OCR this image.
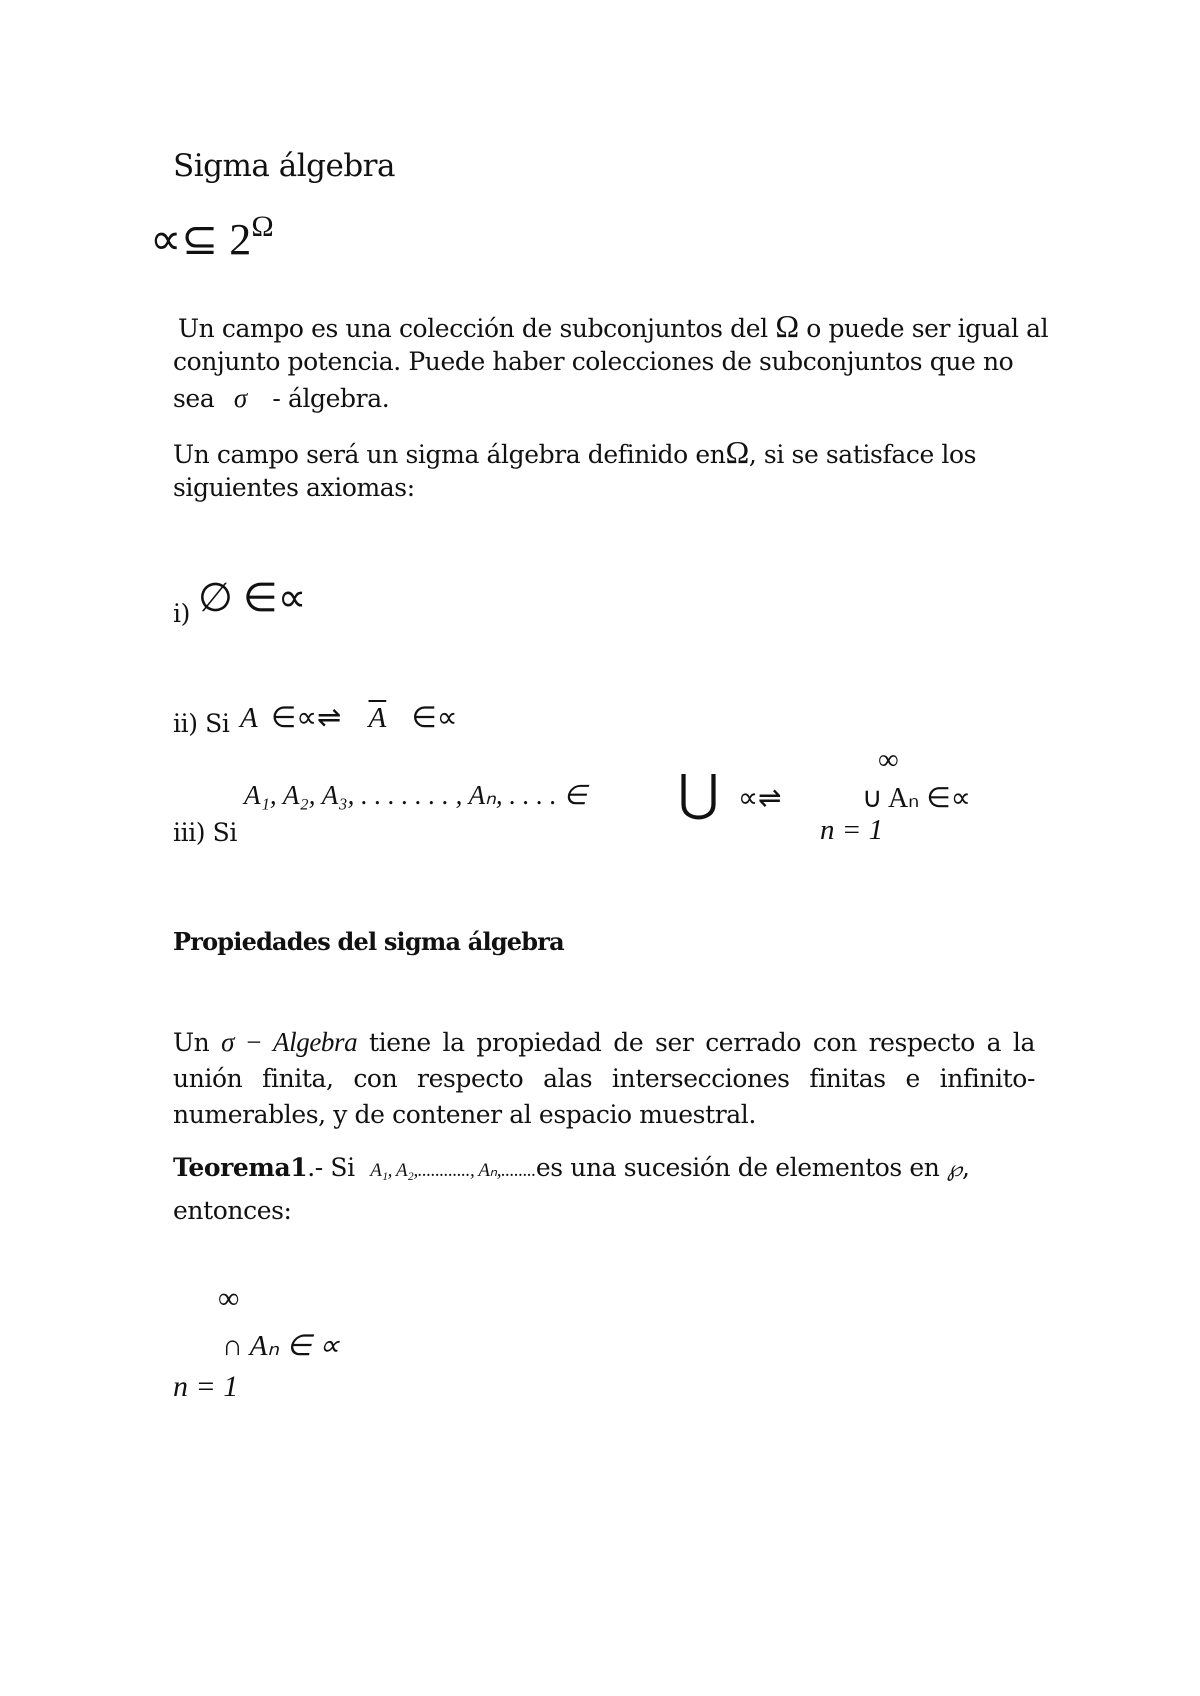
Sigma álgebra
∝⊆ $2^\Omega$
Un campo es una colección de subconjuntos del Ω o puede ser igual al
conjunto potencia. Puede haber colecciones de subconjuntos que no
sea σ - álgebra.
Un campo será un sigma álgebra definido enΩ, si se satisface los
siguientes axiomas:
i) ∅ ∈∝
ii) Si A ∈∝⇌ $\overline{A}$ ∈∝
∞
A₁, A₂, A₃, . . . . . . . , Aₙ, . . . . ∈ ⋃ ∝⇌	∪ Aₙ ∈∝
iii) Si	n = 1
Propiedades del sigma álgebra
Un σ − Algebra tiene la propiedad de ser cerrado con respecto a la unión finita, con respecto alas intersecciones finitas e infinito-numerables, y de contener al espacio muestral.
Teorema1.- Si A₁, A₂,............, Aₙ,........es una sucesión de elementos en ℘,
entonces:
∞
∩ Aₙ ∈ ∝
n = 1
